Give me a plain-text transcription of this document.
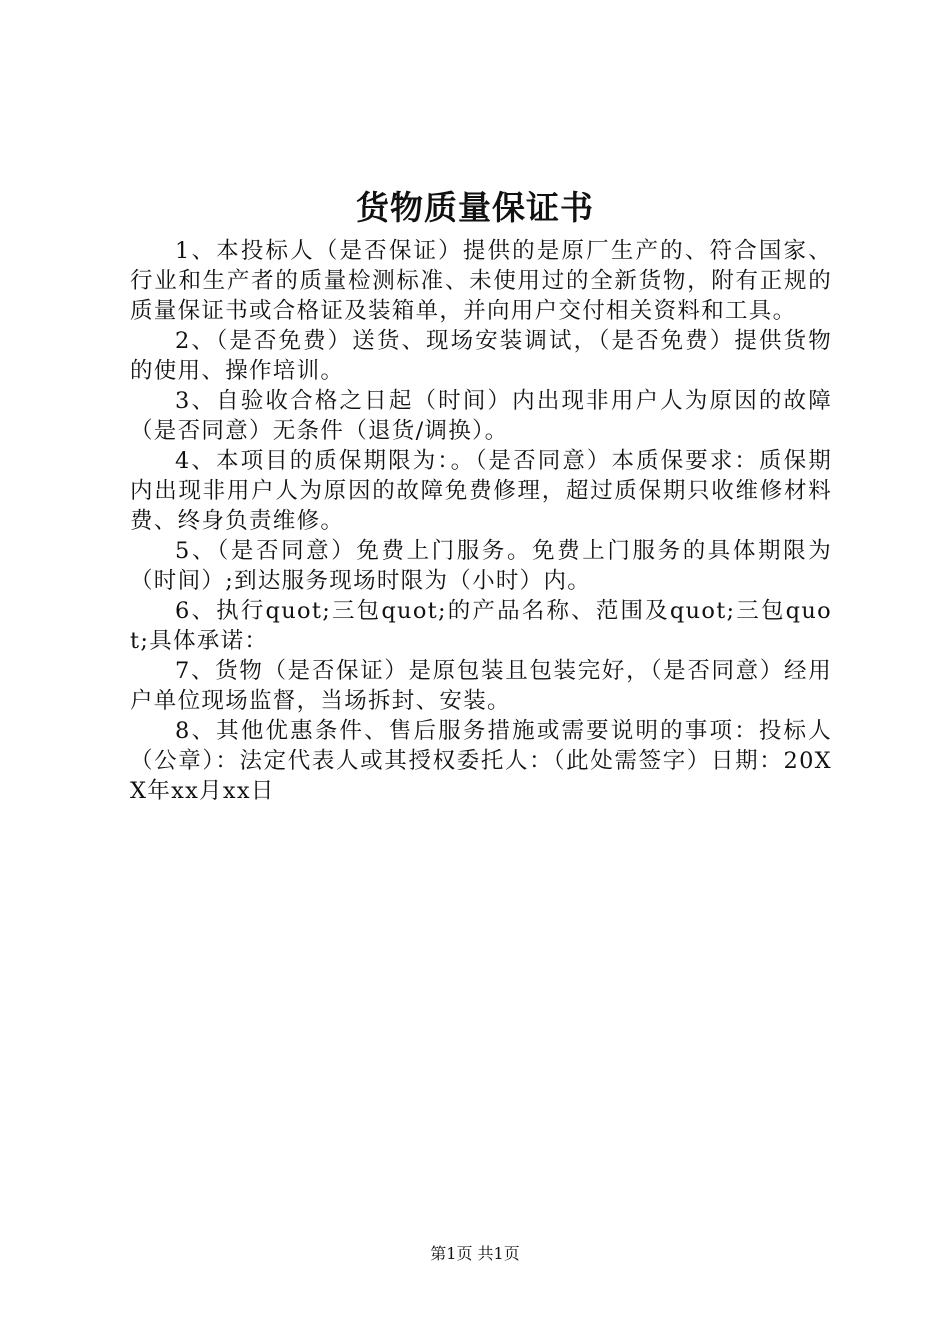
货物质量保证书

1、本投标人（是否保证）提供的是原厂生产的、符合国家、行业和生产者的质量检测标准、未使用过的全新货物，附有正规的质量保证书或合格证及装箱单，并向用户交付相关资料和工具。

2、（是否免费）送货、现场安装调试，（是否免费）提供货物的使用、操作培训。

3、自验收合格之日起（时间）内出现非用户人为原因的故障（是否同意）无条件（退货/调换）。

4、本项目的质保期限为：。（是否同意）本质保要求：质保期内出现非用户人为原因的故障免费修理，超过质保期只收维修材料费、终身负责维修。

5、（是否同意）免费上门服务。免费上门服务的具体期限为（时间）;到达服务现场时限为（小时）内。

6、执行quot;三包quot;的产品名称、范围及quot;三包quot;具体承诺：

7、货物（是否保证）是原包装且包装完好，（是否同意）经用户单位现场监督，当场拆封、安装。

8、其他优惠条件、售后服务措施或需要说明的事项：投标人（公章）：法定代表人或其授权委托人：（此处需签字）日期：20XX年xx月xx日

第1页 共1页
